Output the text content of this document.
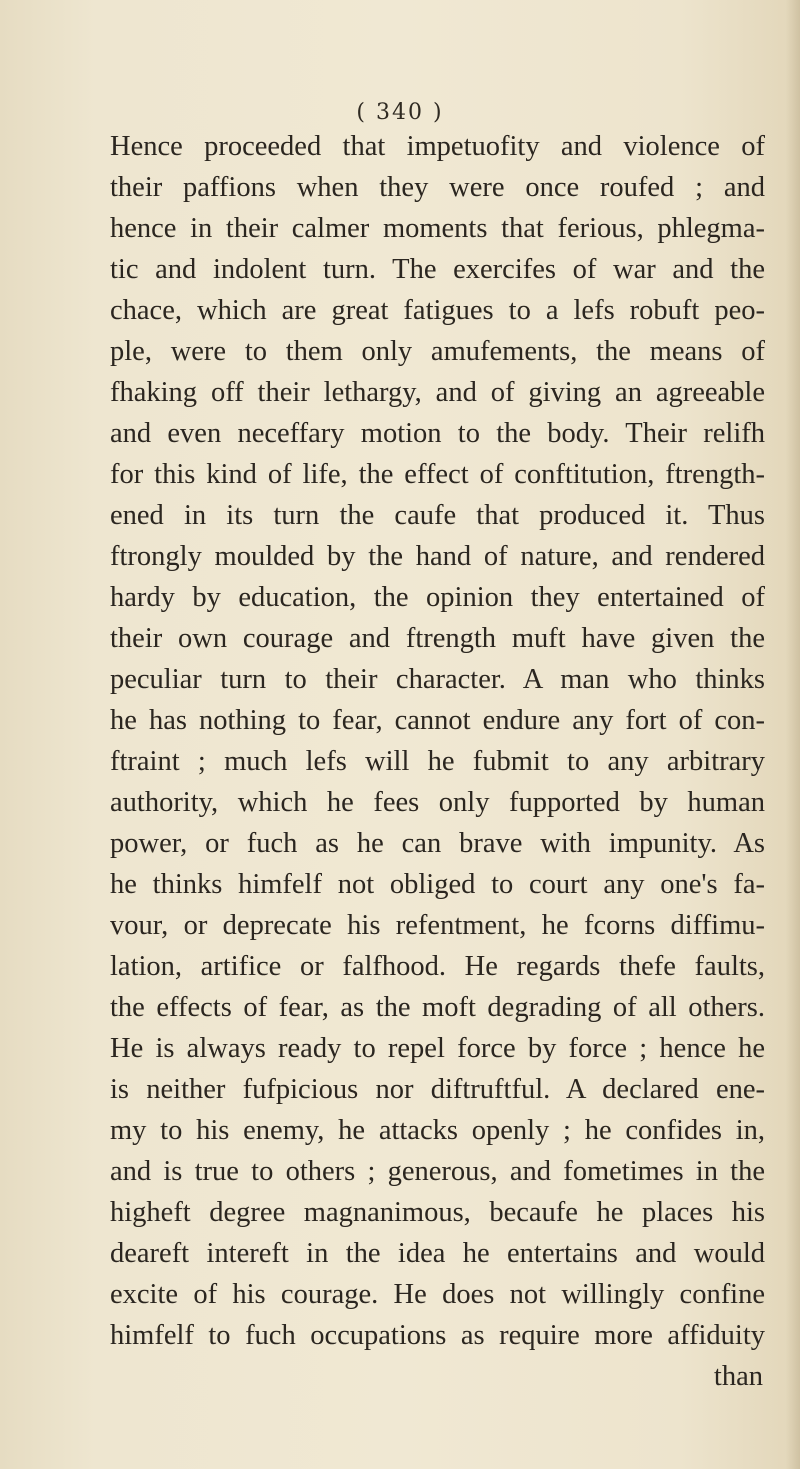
( 340 )
Hence proceeded that impetuofity and violence of
their paffions when they were once roufed ; and
hence in their calmer moments that ferious, phlegma-
tic and indolent turn. The exercifes of war and the
chace, which are great fatigues to a lefs robuft peo-
ple, were to them only amufements, the means of
fhaking off their lethargy, and of giving an agreeable
and even neceffary motion to the body. Their relifh
for this kind of life, the effect of conftitution, ftrength-
ened in its turn the caufe that produced it. Thus
ftrongly moulded by the hand of nature, and rendered
hardy by education, the opinion they entertained of
their own courage and ftrength muft have given the
peculiar turn to their character. A man who thinks
he has nothing to fear, cannot endure any fort of con-
ftraint ; much lefs will he fubmit to any arbitrary
authority, which he fees only fupported by human
power, or fuch as he can brave with impunity. As
he thinks himfelf not obliged to court any one's fa-
vour, or deprecate his refentment, he fcorns diffimu-
lation, artifice or falfhood. He regards thefe faults,
the effects of fear, as the moft degrading of all others.
He is always ready to repel force by force ; hence he
is neither fufpicious nor diftruftful. A declared ene-
my to his enemy, he attacks openly ; he confides in,
and is true to others ; generous, and fometimes in the
higheft degree magnanimous, becaufe he places his
deareft intereft in the idea he entertains and would
excite of his courage. He does not willingly confine
himfelf to fuch occupations as require more affiduity
than
